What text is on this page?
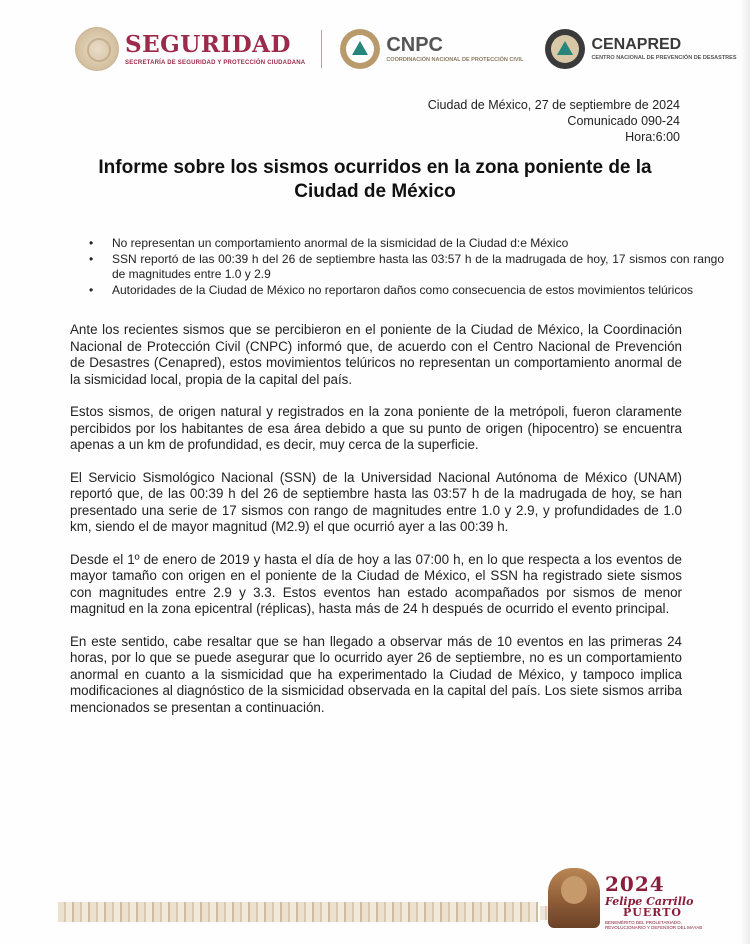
SEGURIDAD
SECRETARÍA DE SEGURIDAD Y PROTECCIÓN CIUDADANA
CNPC
COORDINACIÓN NACIONAL DE PROTECCIÓN CIVIL
CENAPRED
CENTRO NACIONAL DE PREVENCIÓN DE DESASTRES
Ciudad de México, 27 de septiembre de 2024
Comunicado 090-24
Hora:6:00
Informe sobre los sismos ocurridos en la zona poniente de la Ciudad de México
• No representan un comportamiento anormal de la sismicidad de la Ciudad d:e México
• SSN reportó de las 00:39 h del 26 de septiembre hasta las 03:57 h de la madrugada de hoy, 17 sismos con rango de magnitudes entre 1.0 y 2.9
• Autoridades de la Ciudad de México no reportaron daños como consecuencia de estos movimientos telúricos

Ante los recientes sismos que se percibieron en el poniente de la Ciudad de México, la Coordinación Nacional de Protección Civil (CNPC) informó que, de acuerdo con el Centro Nacional de Prevención de Desastres (Cenapred), estos movimientos telúricos no representan un comportamiento anormal de la sismicidad local, propia de la capital del país.

Estos sismos, de origen natural y registrados en la zona poniente de la metrópoli, fueron claramente percibidos por los habitantes de esa área debido a que su punto de origen (hipocentro) se encuentra apenas a un km de profundidad, es decir, muy cerca de la superficie.

El Servicio Sismológico Nacional (SSN) de la Universidad Nacional Autónoma de México (UNAM) reportó que, de las 00:39 h del 26 de septiembre hasta las 03:57 h de la madrugada de hoy, se han presentado una serie de 17 sismos con rango de magnitudes entre 1.0 y 2.9, y profundidades de 1.0 km, siendo el de mayor magnitud (M2.9) el que ocurrió ayer a las 00:39 h.

Desde el 1º de enero de 2019 y hasta el día de hoy a las 07:00 h, en lo que respecta a los eventos de mayor tamaño con origen en el poniente de la Ciudad de México, el SSN ha registrado siete sismos con magnitudes entre 2.9 y 3.3. Estos eventos han estado acompañados por sismos de menor magnitud en la zona epicentral (réplicas), hasta más de 24 h después de ocurrido el evento principal.

En este sentido, cabe resaltar que se han llegado a observar más de 10 eventos en las primeras 24 horas, por lo que se puede asegurar que lo ocurrido ayer 26 de septiembre, no es un comportamiento anormal en cuanto a la sismicidad que ha experimentado la Ciudad de México, y tampoco implica modificaciones al diagnóstico de la sismicidad observada en la capital del país. Los siete sismos arriba mencionados se presentan a continuación.

2024
Felipe Carrillo
PUERTO
BENEMÉRITO DEL PROLETARIADO, REVOLUCIONARIO Y DEFENSOR DEL MAYAB
